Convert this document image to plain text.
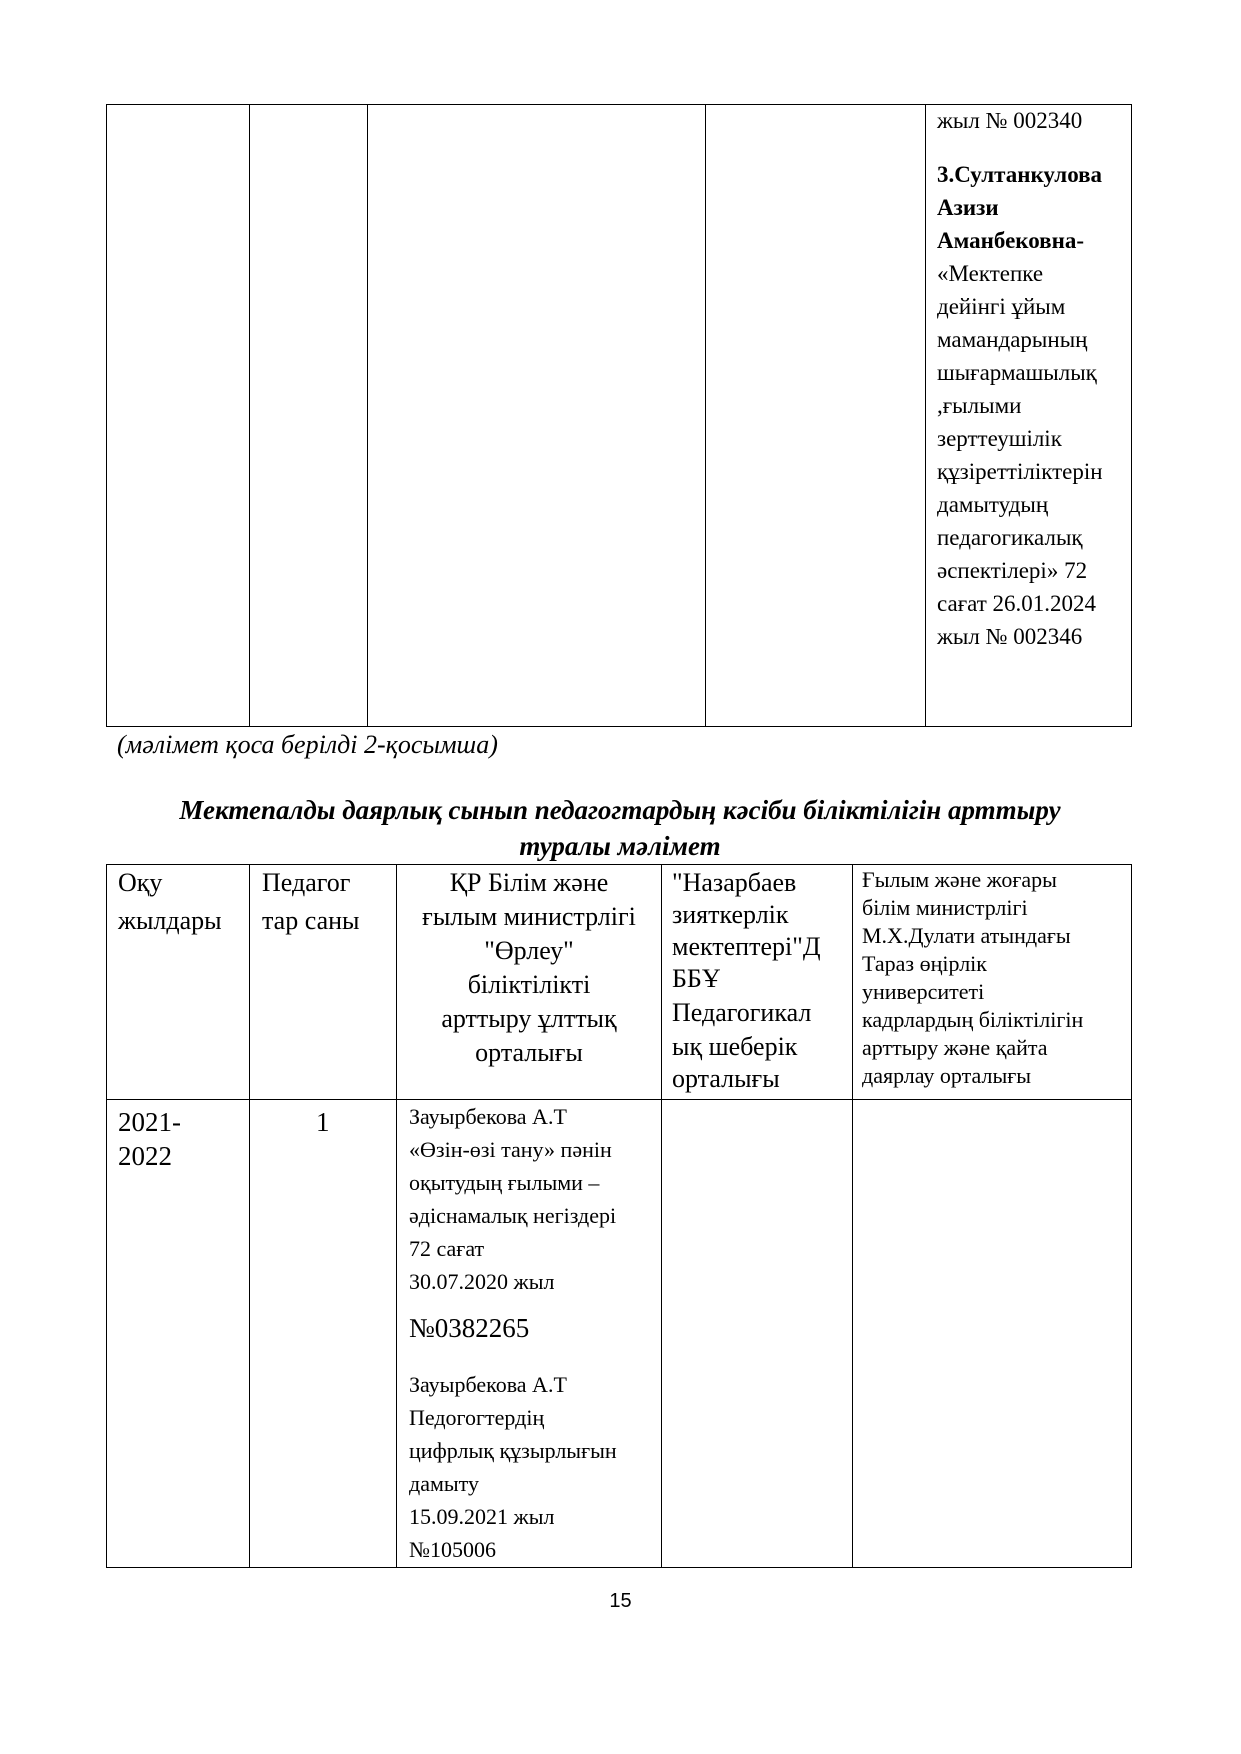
жыл № 002340
3.Султанкулова
Азизи
Аманбековна-
«Мектепке
дейінгі ұйым
мамандарының
шығармашылық
,ғылыми
зерттеушілік
құзіреттіліктерін
дамытудың
педагогикалық
әспектілері» 72
сағат 26.01.2024
жыл № 002346
(мәлімет қоса берілді 2-қосымша)
Мектепалды даярлық сынып педагогтардың кәсіби біліктілігін арттыру
туралы мәлімет
Оқу
жылдары
Педагог
тар саны
ҚР Білім және
ғылым министрлігі
"Өрлеу"
біліктілікті
арттыру ұлттық
орталығы
"Назарбаев
зияткерлік
мектептері"Д
ББҰ
Педагогикал
ық шеберік
орталығы
Ғылым және жоғары
білім министрлігі
М.Х.Дулати атындағы
Тараз өңірлік
университеті
кадрлардың біліктілігін
арттыру және қайта
даярлау орталығы
2021-
2022
1	Зауырбекова А.Т
«Өзін-өзі тану» пәнін
оқытудың ғылыми –
әдіснамалық негіздері
72 сағат
30.07.2020 жыл
№0382265
Зауырбекова А.Т
Педогогтердің
цифрлық құзырлығын
дамыту
15.09.2021 жыл
№105006
15
